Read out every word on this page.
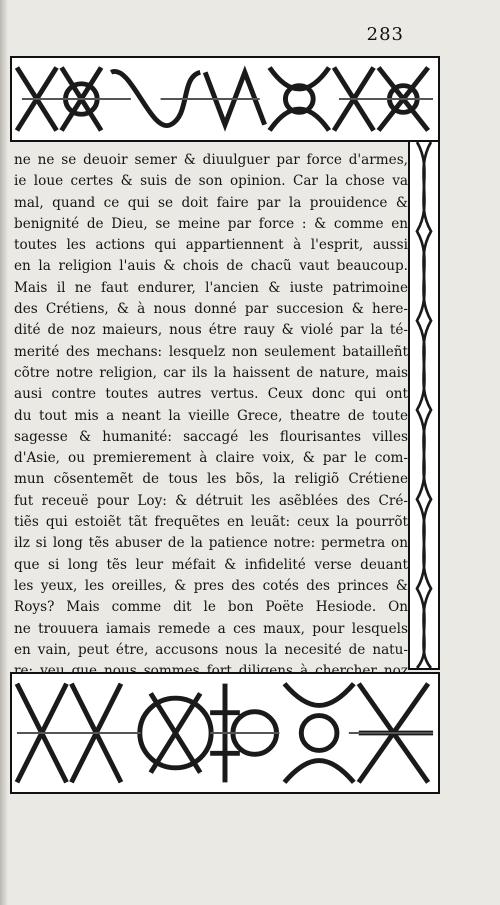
283
ne ne se deuoir semer & diuulguer par force d'armes,
ie loue certes & suis de son opinion. Car la chose va
mal, quand ce qui se doit faire par la prouidence &
benignité de Dieu, se meine par force : & comme en
toutes les actions qui appartiennent à l'esprit, aussi
en la religion l'auis & chois de chacũ vaut beaucoup.
Mais il ne faut endurer, l'ancien & iuste patrimoine
des Crétiens, & à nous donné par succesion & here-
dité de noz maieurs, nous étre rauy & violé par la té-
merité des mechans: lesquelz non seulement batailleñt
cõtre notre religion, car ils la haissent de nature, mais
ausi contre toutes autres vertus. Ceux donc qui ont
du tout mis a neant la vieille Grece, theatre de toute
sagesse & humanité: saccagé les flourisantes villes
d'Asie, ou premierement à claire voix, & par le com-
mun cõsentemẽt de tous les bõs, la religiõ Crétiene
fut receuë pour Loy: & détruit les asẽblées des Cré-
tiẽs qui estoiẽt tãt frequẽtes en leuãt: ceux la pourrõt
ilz si long tẽs abuser de la patience notre: permetra on
que si long tẽs leur méfait & infidelité verse deuant
les yeux, les oreilles, & pres des cotés des princes &
Roys? Mais comme dit le bon Poëte Hesiode. On
ne trouuera iamais remede a ces maux, pour lesquels
en vain, peut étre, accusons nous la necesité de natu-
